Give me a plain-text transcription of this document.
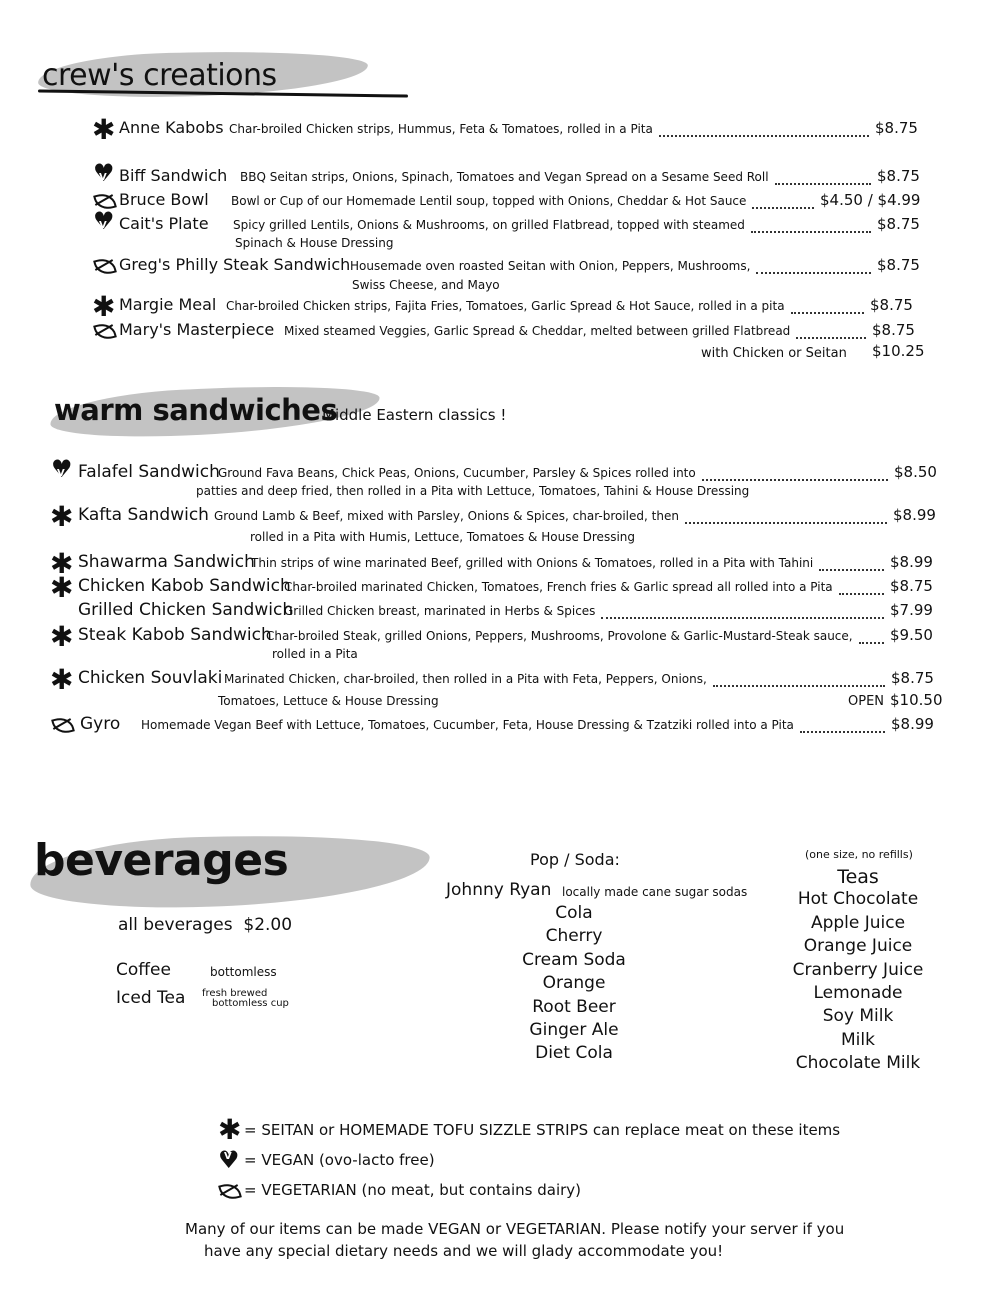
crew's creations
warm sandwiches
Middle Eastern classics !
beverages
✱ Anne Kabobs Char-broiled Chicken strips, Hummus, Feta & Tomatoes, rolled in a Pita	$8.75
♥ V
Biff Sandwich BBQ Seitan strips, Onions, Spinach, Tomatoes and Vegan Spread on a Sesame Seed Roll	$8.75
Bruce Bowl Bowl or Cup of our Homemade Lentil soup, topped with Onions, Cheddar & Hot Sauce	$4.50 / $4.99
♥ V
Cait's Plate Spicy grilled Lentils, Onions & Mushrooms, on grilled Flatbread, topped with steamed	$8.75
Spinach & House Dressing
Greg's Philly Steak Sandwich Housemade oven roasted Seitan with Onion, Peppers, Mushrooms,	$8.75
Swiss Cheese, and Mayo
✱ Margie Meal Char-broiled Chicken strips, Fajita Fries, Tomatoes, Garlic Spread & Hot Sauce, rolled in a pita	$8.75
Mary's Masterpiece Mixed steamed Veggies, Garlic Spread & Cheddar, melted between grilled Flatbread	$8.75
with Chicken or Seitan $10.25
♥ V
Falafel Sandwich
Ground Fava Beans, Chick Peas, Onions, Cucumber, Parsley & Spices rolled into	$8.50
patties and deep fried, then rolled in a Pita with Lettuce, Tomatoes, Tahini & House Dressing
✱ Kafta Sandwich Ground Lamb & Beef, mixed with Parsley, Onions & Spices, char-broiled, then	$8.99
rolled in a Pita with Humis, Lettuce, Tomatoes & House Dressing
✱ Shawarma Sandwich
Thin strips of wine marinated Beef, grilled with Onions & Tomatoes, rolled in a Pita with Tahini	$8.99
✱ Chicken Kabob Sandwich
Char-broiled marinated Chicken, Tomatoes, French fries & Garlic spread all rolled into a Pita	$8.75
Grilled Chicken Sandwich
Grilled Chicken breast, marinated in Herbs & Spices	$7.99
✱ Steak Kabob Sandwich
Char-broiled Steak, grilled Onions, Peppers, Mushrooms, Provolone & Garlic-Mustard-Steak sauce, $9.50
rolled in a Pita
✱ Chicken Souvlaki Marinated Chicken, char-broiled, then rolled in a Pita with Feta, Peppers, Onions,	$8.75
Tomatoes, Lettuce & House Dressing	OPEN $10.50
Gyro Homemade Vegan Beef with Lettuce, Tomatoes, Cucumber, Feta, House Dressing & Tzatziki rolled into a Pita	$8.99
all beverages $2.00
Coffee	bottomless
Iced Tea fresh brewed
bottomless cup
Pop / Soda:
Johnny Ryan locally made cane sugar sodas
Cola
Cherry
Cream Soda
Orange
Root Beer
Ginger Ale
Diet Cola
(one size, no refills)
Teas
Hot Chocolate
Apple Juice
Orange Juice
Cranberry Juice
Lemonade
Soy Milk
Milk
Chocolate Milk
✱ = SEITAN or HOMEMADE TOFU SIZZLE STRIPS can replace meat on these items
♥ V
= VEGAN (ovo-lacto free)
= VEGETARIAN (no meat, but contains dairy)
Many of our items can be made VEGAN or VEGETARIAN. Please notify your server if you
have any special dietary needs and we will glady accommodate you!
